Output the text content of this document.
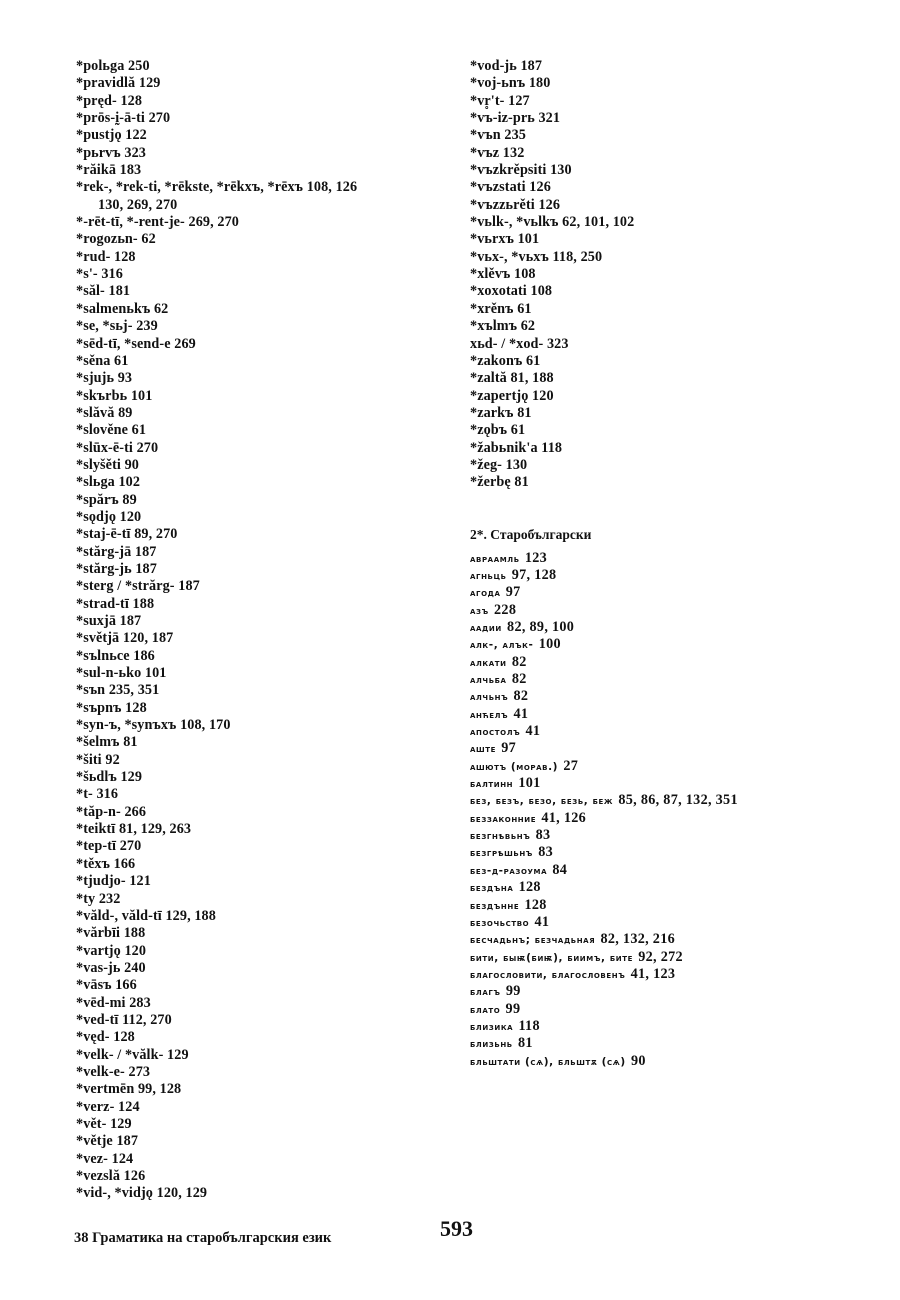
*polьga 250
*pravidlă 129
*pręd- 128
*prōs-ḭ-ā-ti 270
*pustjǫ 122
*pьrvъ 323
*răikā 183
*rek-, *rek-ti, *rēkste, *rēkxъ, *rēxъ 108, 126
130, 269, 270
*-rēt-tī, *-rent-je- 269, 270
*rogozьn- 62
*rud- 128
*s'- 316
*săl- 181
*salmenьkъ 62
*se, *sьj- 239
*sēd-tī, *send-e 269
*sěna 61
*sjujь 93
*skъrbь 101
*slăvă 89
*slověne 61
*slūx-ē-ti 270
*slyšěti 90
*slьga 102
*spărъ 89
*sǫdjǫ 120
*staj-ē-tī 89, 270
*stărg-jā 187
*stărg-jь 187
*sterg / *strărg- 187
*strad-tī 188
*suxjā 187
*světjā 120, 187
*sъlnьce 186
*sul-n-ьko 101
*sъn 235, 351
*sъpnъ 128
*syn-ъ, *synъxъ 108, 170
*šelmъ 81
*šiti 92
*šьdlъ 129
*t- 316
*tăp-n- 266
*teiktī 81, 129, 263
*tep-tī 270
*těxъ 166
*tjudjo- 121
*ty 232
*văld-, văld-tī 129, 188
*vărbīi 188
*vartjǫ 120
*vas-jь 240
*vāsъ 166
*vēd-mi 283
*ved-tī 112, 270
*vęd- 128
*velk- / *vălk- 129
*velk-e- 273
*vertmēn 99, 128
*verz- 124
*vět- 129
*větje 187
*vez- 124
*vezslă 126
*vid-, *vidjǫ 120, 129
*vod-jь 187
*voj-ьnъ 180
*vr̥'t- 127
*vъ-iz-prь 321
*vъn 235
*vъz 132
*vъzkrěpsiti 130
*vъzstati 126
*vъzzьrěti 126
*vьlk-, *vьlkъ 62, 101, 102
*vьrxъ 101
*vьx-, *vьxъ 118, 250
*xlěvъ 108
*xoxotati 108
*xrěnъ 61
*xъlmъ 62
xьd- / *xod- 323
*zakonъ 61
*zaltă 81, 188
*zapertjǫ 120
*zarkъ 81
*zǫbъ 61
*žabьnik'a 118
*žeg- 130
*žerbę 81
2*. Старобългарски
авраамль 123
агньць 97, 128
агода 97
азъ 228
аадии 82, 89, 100
алк-, алък- 100
алкати 82
алчьба 82
алчьнъ 82
анћелъ 41
апостолъ 41
аште 97
ашютъ (морав.) 27
балтинн 101
без, безъ, безо, безь, беж 85, 86, 87, 132, 351
беззаконние 41, 126
безгнѣвьнъ 83
безгрѣшьнъ 83
без-д-разоума 84
бездъна 128
бездънне 128
безочьство 41
бесчадьнъ; безчадьная 82, 132, 216
бити, быѭ(биѭ), биимъ, бите 92, 272
благословити, благословенъ 41, 123
благъ 99
блато 99
близика 118
близьнь 81
бльштати (сѧ), бльштѫ (сѧ) 90
38 Граматика на старобългарския език	593
